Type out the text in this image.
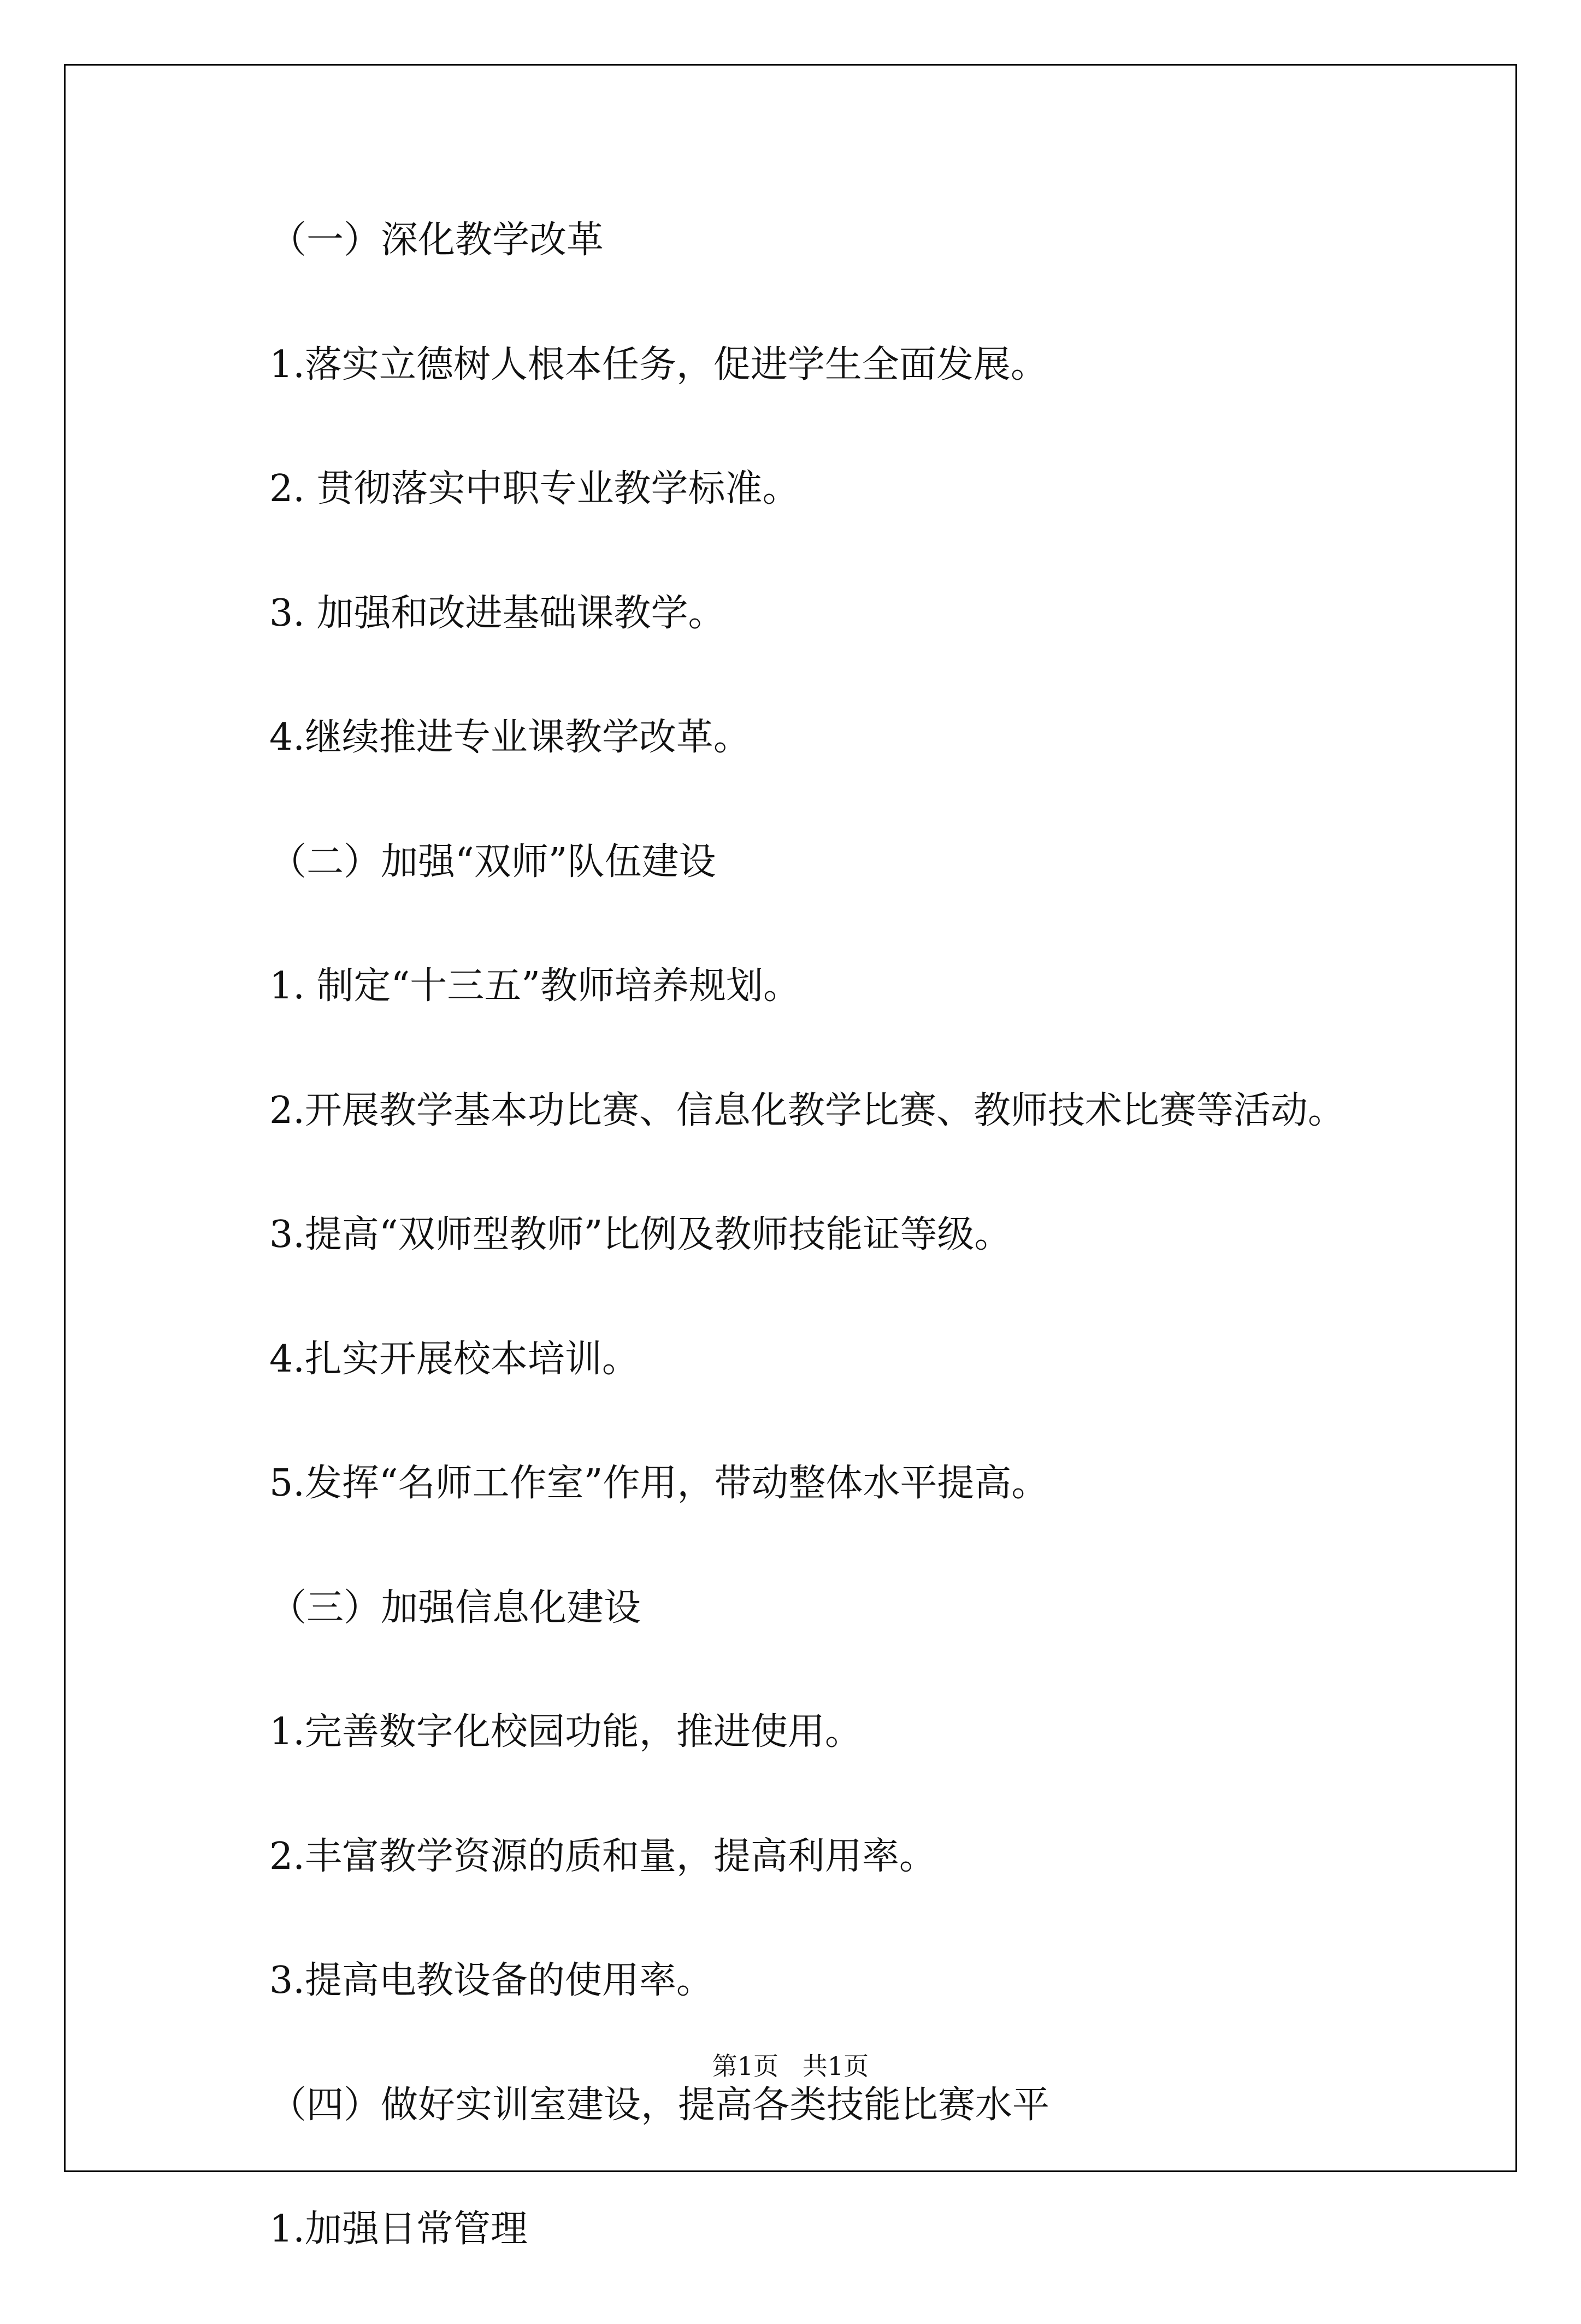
（一）深化教学改革
1.落实立德树人根本任务，促进学生全面发展。
2. 贯彻落实中职专业教学标准。
3. 加强和改进基础课教学。
4.继续推进专业课教学改革。
（二）加强“双师”队伍建设
1. 制定“十三五”教师培养规划。
2.开展教学基本功比赛、信息化教学比赛、教师技术比赛等活动。
3.提高“双师型教师”比例及教师技能证等级。
4.扎实开展校本培训。
5.发挥“名师工作室”作用，带动整体水平提高。
（三）加强信息化建设
1.完善数字化校园功能，推进使用。
2.丰富教学资源的质和量，提高利用率。
3.提高电教设备的使用率。
（四）做好实训室建设，提高各类技能比赛水平
1.加强日常管理
第1页   共1页
